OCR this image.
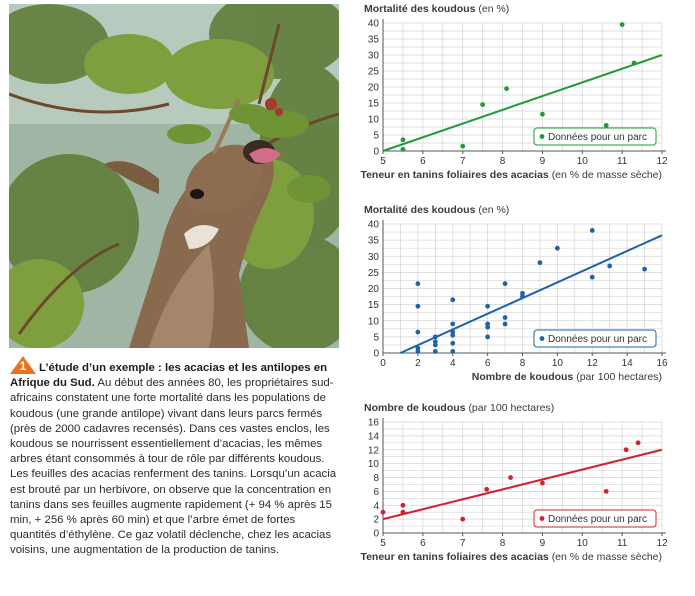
1	L’étude d’un exemple : les acacias et les antilopes en Afrique du Sud. Au début des années 80, les propriétaires sud-africains constatent une forte mortalité dans les populations de koudous (une grande antilope) vivant dans leurs parcs fermés (près de 2000 cadavres recensés). Dans ces vastes enclos, les koudous se nourrissent essentiellement d’acacias, les mêmes arbres étant consommés à tour de rôle par différents koudous. Les feuilles des acacias renferment des tanins. Lorsqu’un acacia est brouté par un herbivore, on observe que la concentration en tanins dans ses feuilles augmente rapidement (+ 94 % après 15 min, + 256 % après 60 min) et que l’arbre émet de fortes quantités d’éthylène. Ce gaz volatil déclenche, chez les acacias voisins, une augmentation de la production de tanins.
5	6	7	8	9	10	11	12
0
5
10
15
20
25
30
35
40
Mortalité des koudous (en %)
Teneur en tanins foliaires des acacias (en % de masse sèche)
Données pour un parc
0	2	4	6	8	10 12 14 16
0
5
10
15
20
25
30
35
40
Mortalité des koudous (en %)
Nombre de koudous (par 100 hectares)
Données pour un parc
5	6	7	8	9	10	11	12
0
2
4
6
8
10
12
14
16
Nombre de koudous (par 100 hectares)
Teneur en tanins foliaires des acacias (en % de masse sèche)
Données pour un parc
